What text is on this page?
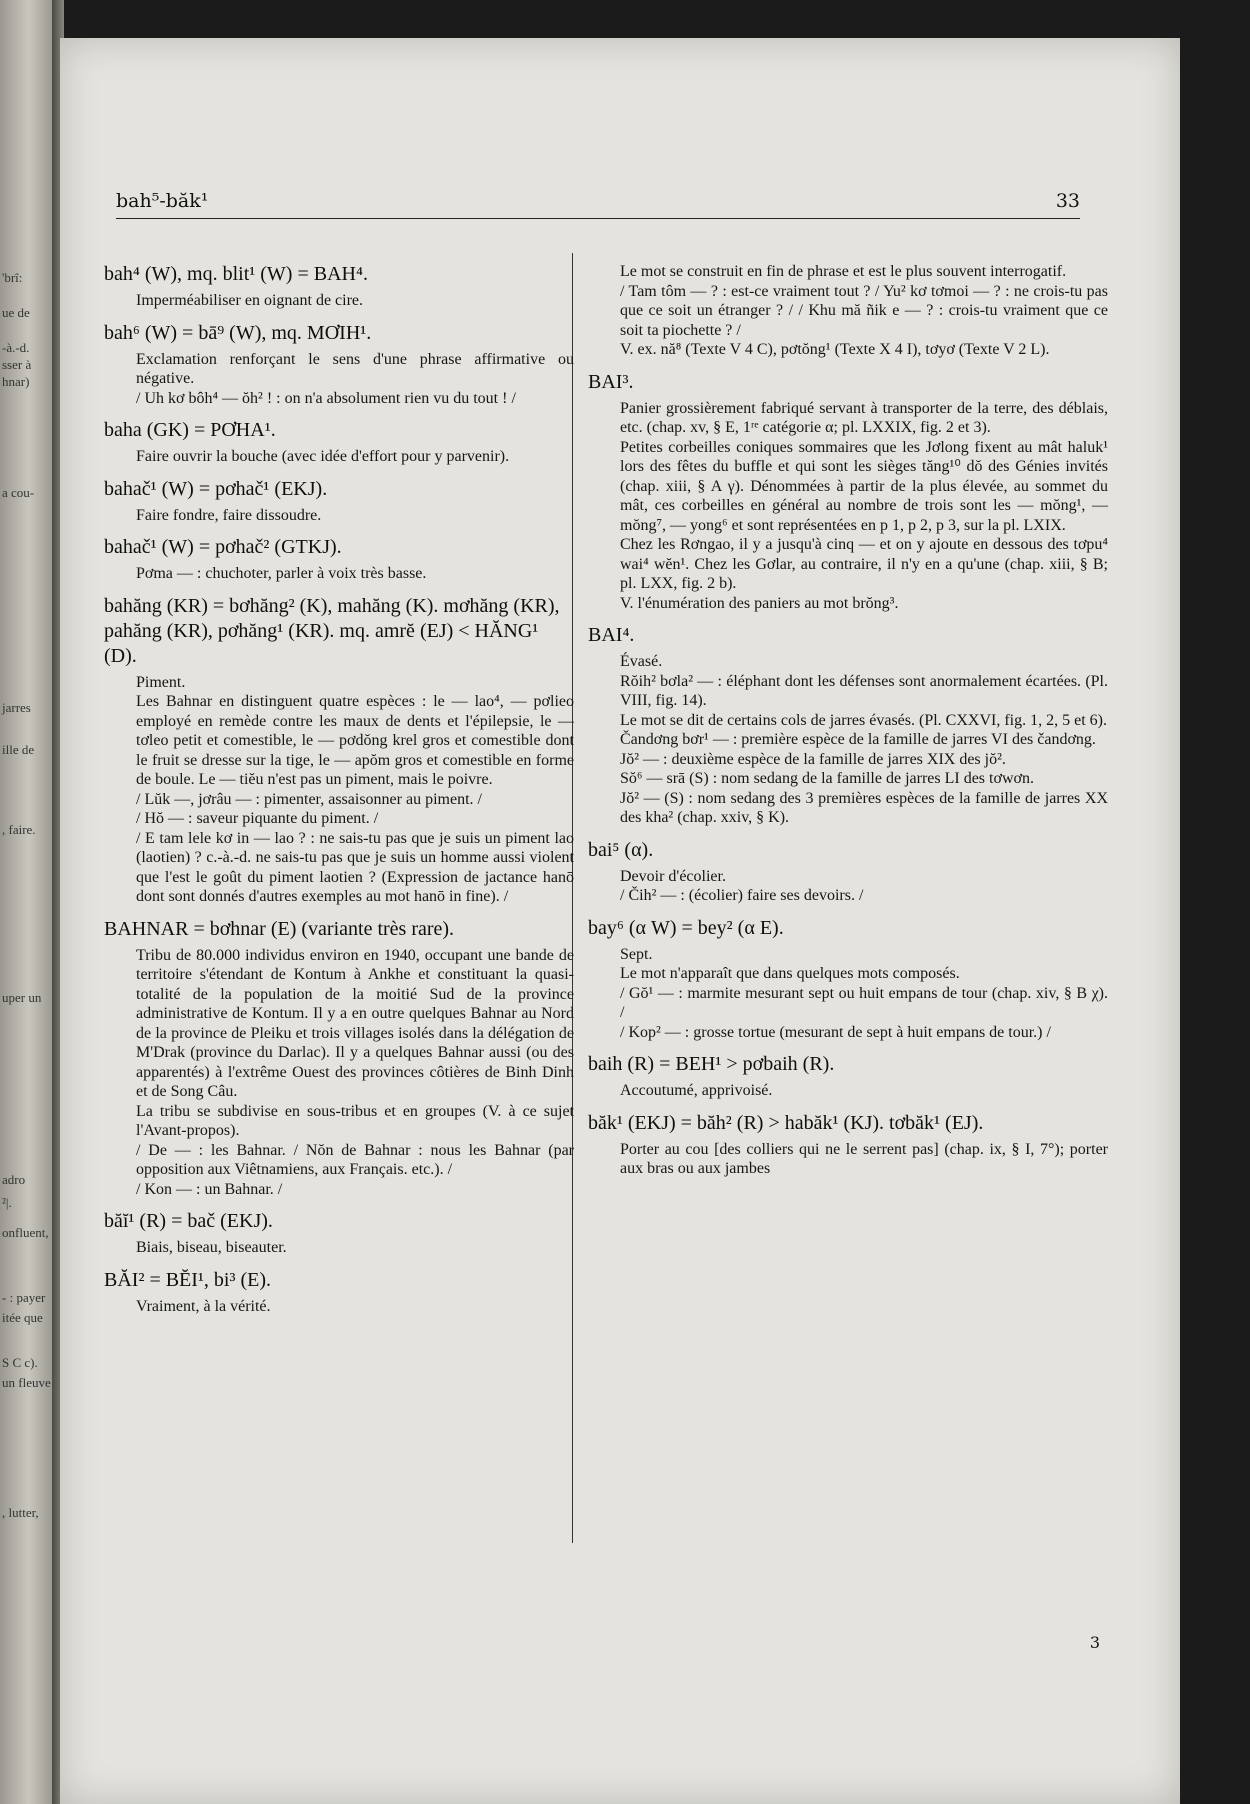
'brî:
ue de
-à.-d.
sser à
hnar)
a cou-
jarres
ille de
, faire.
uper un
adro
²|.
onfluent,
- : payer
itée que
S C c).
un fleuve
, lutter,
bah⁵-băk¹	33
bah⁴ (W), mq. blit¹ (W) = BAH⁴.

Imperméabiliser en oignant de cire.

bah⁶ (W) = bā⁹ (W), mq. MƠIH¹.

Exclamation renforçant le sens d'une phrase affirmative ou négative.

/ Uh kơ bôh⁴ — ŏh² ! : on n'a absolument rien vu du tout ! /

baha (GK) = PƠHA¹.

Faire ouvrir la bouche (avec idée d'effort pour y parvenir).

bahač¹ (W) = pơhač¹ (EKJ).

Faire fondre, faire dissoudre.

bahač¹ (W) = pơhač² (GTKJ).

Pơma — : chuchoter, parler à voix très basse.

bahăng (KR) = bơhăng² (K), mahăng (K). mơhăng (KR), pahăng (KR), pơhăng¹ (KR). mq. amrĕ (EJ) < HĂNG¹ (D).

Piment.

Les Bahnar en distinguent quatre espèces : le — lao⁴, — pơlieo employé en remède contre les maux de dents et l'épilepsie, le — tơleo petit et comestible, le — pơdŏng krel gros et comestible dont le fruit se dresse sur la tige, le — apŏm gros et comestible en forme de boule. Le — tiĕu n'est pas un piment, mais le poivre.

/ Lŭk —, jơrâu — : pimenter, assaisonner au piment. /

/ Hŏ — : saveur piquante du piment. /

/ E tam lele kơ in — lao ? : ne sais-tu pas que je suis un piment lao (laotien) ? c.-à.-d. ne sais-tu pas que je suis un homme aussi violent que l'est le goût du piment laotien ? (Expression de jactance hanō dont sont donnés d'autres exemples au mot hanō in fine). /

BAHNAR = bơhnar (E) (variante très rare).

Tribu de 80.000 individus environ en 1940, occupant une bande de territoire s'étendant de Kontum à Ankhe et constituant la quasi-totalité de la population de la moitié Sud de la province administrative de Kontum. Il y a en outre quelques Bahnar au Nord de la province de Pleiku et trois villages isolés dans la délégation de M'Drak (province du Darlac). Il y a quelques Bahnar aussi (ou des apparentés) à l'extrême Ouest des provinces côtières de Binh Dinh et de Song Câu.

La tribu se subdivise en sous-tribus et en groupes (V. à ce sujet l'Avant-propos).

/ De — : les Bahnar. / Nŏn de Bahnar : nous les Bahnar (par opposition aux Viêtnamiens, aux Français. etc.). /

/ Kon — : un Bahnar. /

băĭ¹ (R) = bač (EKJ).

Biais, biseau, biseauter.

BĂI² = BĔI¹, bi³ (E).

Vraiment, à la vérité.

Le mot se construit en fin de phrase et est le plus souvent interrogatif.

/ Tam tôm — ? : est-ce vraiment tout ? / Yu² kơ tơmoi — ? : ne crois-tu pas que ce soit un étranger ? / / Khu mă ñik e — ? : crois-tu vraiment que ce soit ta piochette ? /

V. ex. nă⁸ (Texte V 4 C), pơtŏng¹ (Texte X 4 I), tơyơ (Texte V 2 L).

BAI³.

Panier grossièrement fabriqué servant à transporter de la terre, des déblais, etc. (chap. xv, § E, 1ʳᵉ catégorie α; pl. LXXIX, fig. 2 et 3).

Petites corbeilles coniques sommaires que les Jơlong fixent au mât haluk¹ lors des fêtes du buffle et qui sont les sièges tăng¹⁰ dŏ des Génies invités (chap. xiii, § A γ). Dénommées à partir de la plus élevée, au sommet du mât, ces corbeilles en général au nombre de trois sont les — mŏng¹, — mŏng⁷, — yong⁶ et sont représentées en p 1, p 2, p 3, sur la pl. LXIX.

Chez les Rơngao, il y a jusqu'à cinq — et on y ajoute en dessous des tơpu⁴ wai⁴ wĕn¹. Chez les Gơlar, au contraire, il n'y en a qu'une (chap. xiii, § B; pl. LXX, fig. 2 b).

V. l'énumération des paniers au mot brŏng³.

BAI⁴.

Évasé.

Rŏih² bơla² — : éléphant dont les défenses sont anormalement écartées. (Pl. VIII, fig. 14).

Le mot se dit de certains cols de jarres évasés. (Pl. CXXVI, fig. 1, 2, 5 et 6).

Čandơng bơr¹ — : première espèce de la famille de jarres VI des čandơng.

Jŏ² — : deuxième espèce de la famille de jarres XIX des jŏ².

Sŏ⁶ — srā (S) : nom sedang de la famille de jarres LI des tơwơn.

Jŏ² — (S) : nom sedang des 3 premières espèces de la famille de jarres XX des kha² (chap. xxiv, § K).

bai⁵ (α).

Devoir d'écolier.

/ Čih² — : (écolier) faire ses devoirs. /

bay⁶ (α W) = bey² (α E).

Sept.

Le mot n'apparaît que dans quelques mots composés.

/ Gŏ¹ — : marmite mesurant sept ou huit empans de tour (chap. xiv, § B χ). /

/ Kop² — : grosse tortue (mesurant de sept à huit empans de tour.) /

baih (R) = BEH¹ > pơbaih (R).

Accoutumé, apprivoisé.

băk¹ (EKJ) = băh² (R) > habăk¹ (KJ). tơbăk¹ (EJ).

Porter au cou [des colliers qui ne le serrent pas] (chap. ix, § I, 7°); porter aux bras ou aux jambes

3
